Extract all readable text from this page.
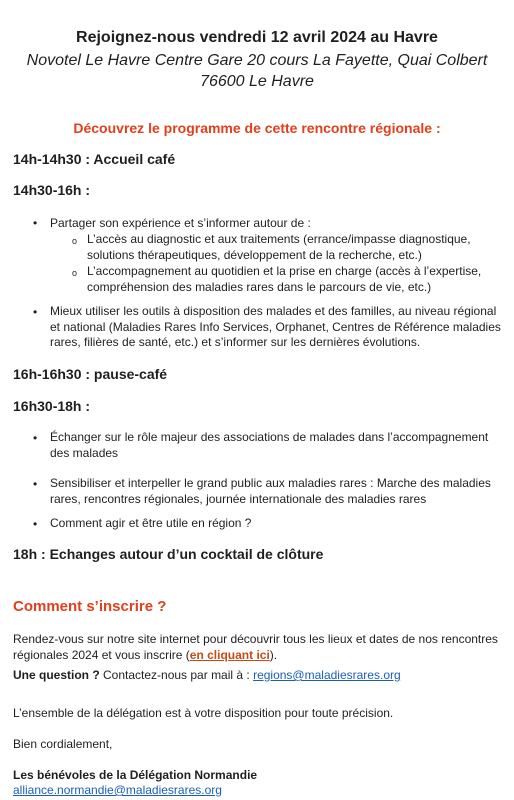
Rejoignez-nous vendredi 12 avril 2024 au Havre
Novotel Le Havre Centre Gare 20 cours La Fayette, Quai Colbert
76600 Le Havre
Découvrez le programme de cette rencontre régionale :
14h-14h30 : Accueil café
14h30-16h :
• Partager son expérience et s’informer autour de :
o L’accès au diagnostic et aux traitements (errance/impasse diagnostique, solutions thérapeutiques, développement de la recherche, etc.)
o L’accompagnement au quotidien et la prise en charge (accès à l’expertise, compréhension des maladies rares dans le parcours de vie, etc.)
• Mieux utiliser les outils à disposition des malades et des familles, au niveau régional et national (Maladies Rares Info Services, Orphanet, Centres de Référence maladies rares, filières de santé, etc.) et s’informer sur les dernières évolutions.
16h-16h30 : pause-café
16h30-18h :
• Échanger sur le rôle majeur des associations de malades dans l’accompagnement des malades
• Sensibiliser et interpeller le grand public aux maladies rares : Marche des maladies rares, rencontres régionales, journée internationale des maladies rares
• Comment agir et être utile en région ?
18h : Echanges autour d’un cocktail de clôture
Comment s’inscrire ?
Rendez-vous sur notre site internet pour découvrir tous les lieux et dates de nos rencontres régionales 2024 et vous inscrire (en cliquant ici).
Une question ? Contactez-nous par mail à : regions@maladiesrares.org
L’ensemble de la délégation est à votre disposition pour toute précision.
Bien cordialement,
Les bénévoles de la Délégation Normandie
alliance.normandie@maladiesrares.org
